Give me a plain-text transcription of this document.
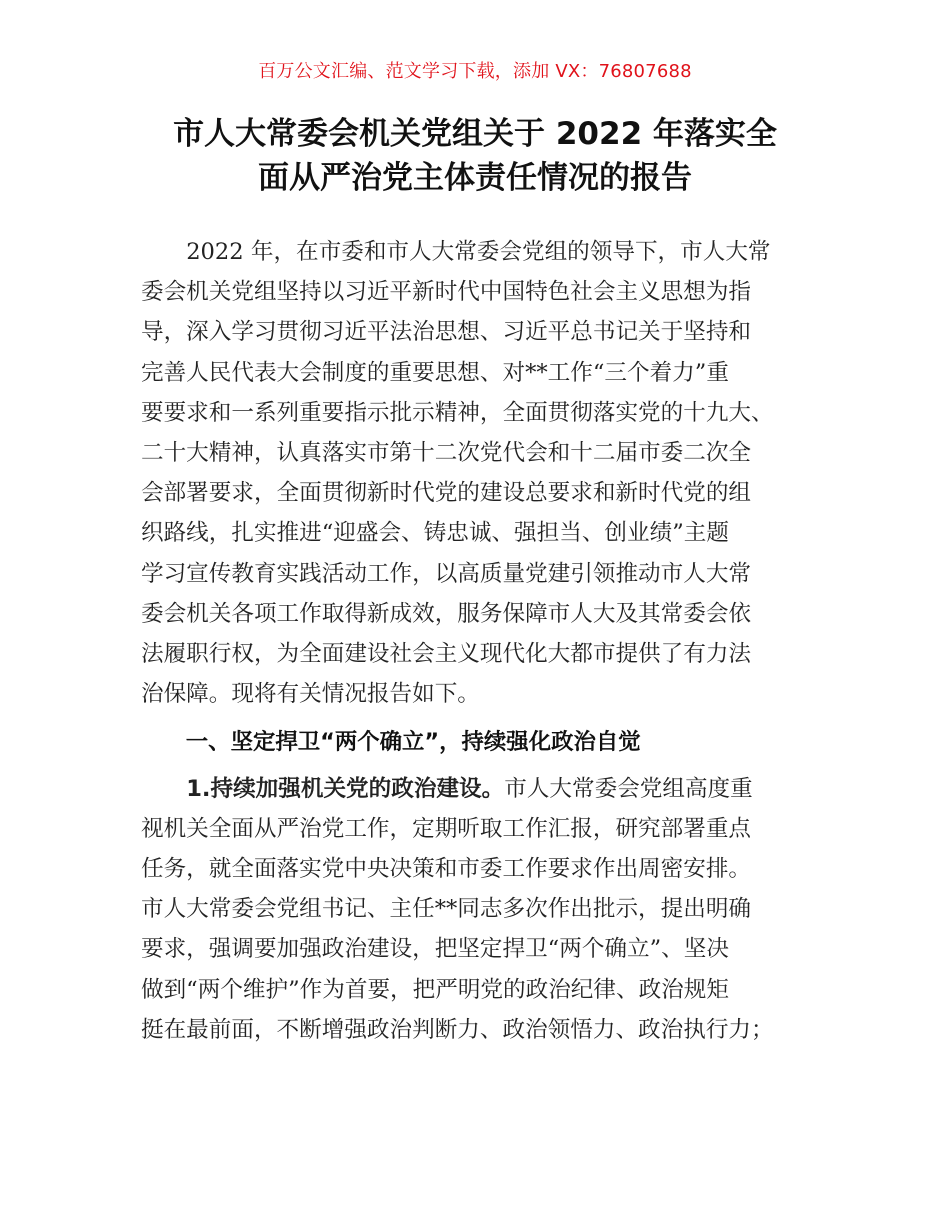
百万公文汇编、范文学习下载，添加 VX：76807688
市人大常委会机关党组关于 2022 年落实全
面从严治党主体责任情况的报告
2022 年，在市委和市人大常委会党组的领导下，市人大常
委会机关党组坚持以习近平新时代中国特色社会主义思想为指
导，深入学习贯彻习近平法治思想、习近平总书记关于坚持和
完善人民代表大会制度的重要思想、对**工作“三个着力”重
要要求和一系列重要指示批示精神，全面贯彻落实党的十九大、
二十大精神，认真落实市第十二次党代会和十二届市委二次全
会部署要求，全面贯彻新时代党的建设总要求和新时代党的组
织路线，扎实推进“迎盛会、铸忠诚、强担当、创业绩”主题
学习宣传教育实践活动工作，以高质量党建引领推动市人大常
委会机关各项工作取得新成效，服务保障市人大及其常委会依
法履职行权，为全面建设社会主义现代化大都市提供了有力法
治保障。现将有关情况报告如下。
一、坚定捍卫“两个确立”，持续强化政治自觉
1.持续加强机关党的政治建设。市人大常委会党组高度重
视机关全面从严治党工作，定期听取工作汇报，研究部署重点
任务，就全面落实党中央决策和市委工作要求作出周密安排。
市人大常委会党组书记、主任**同志多次作出批示，提出明确
要求，强调要加强政治建设，把坚定捍卫“两个确立”、坚决
做到“两个维护”作为首要，把严明党的政治纪律、政治规矩
挺在最前面，不断增强政治判断力、政治领悟力、政治执行力；
